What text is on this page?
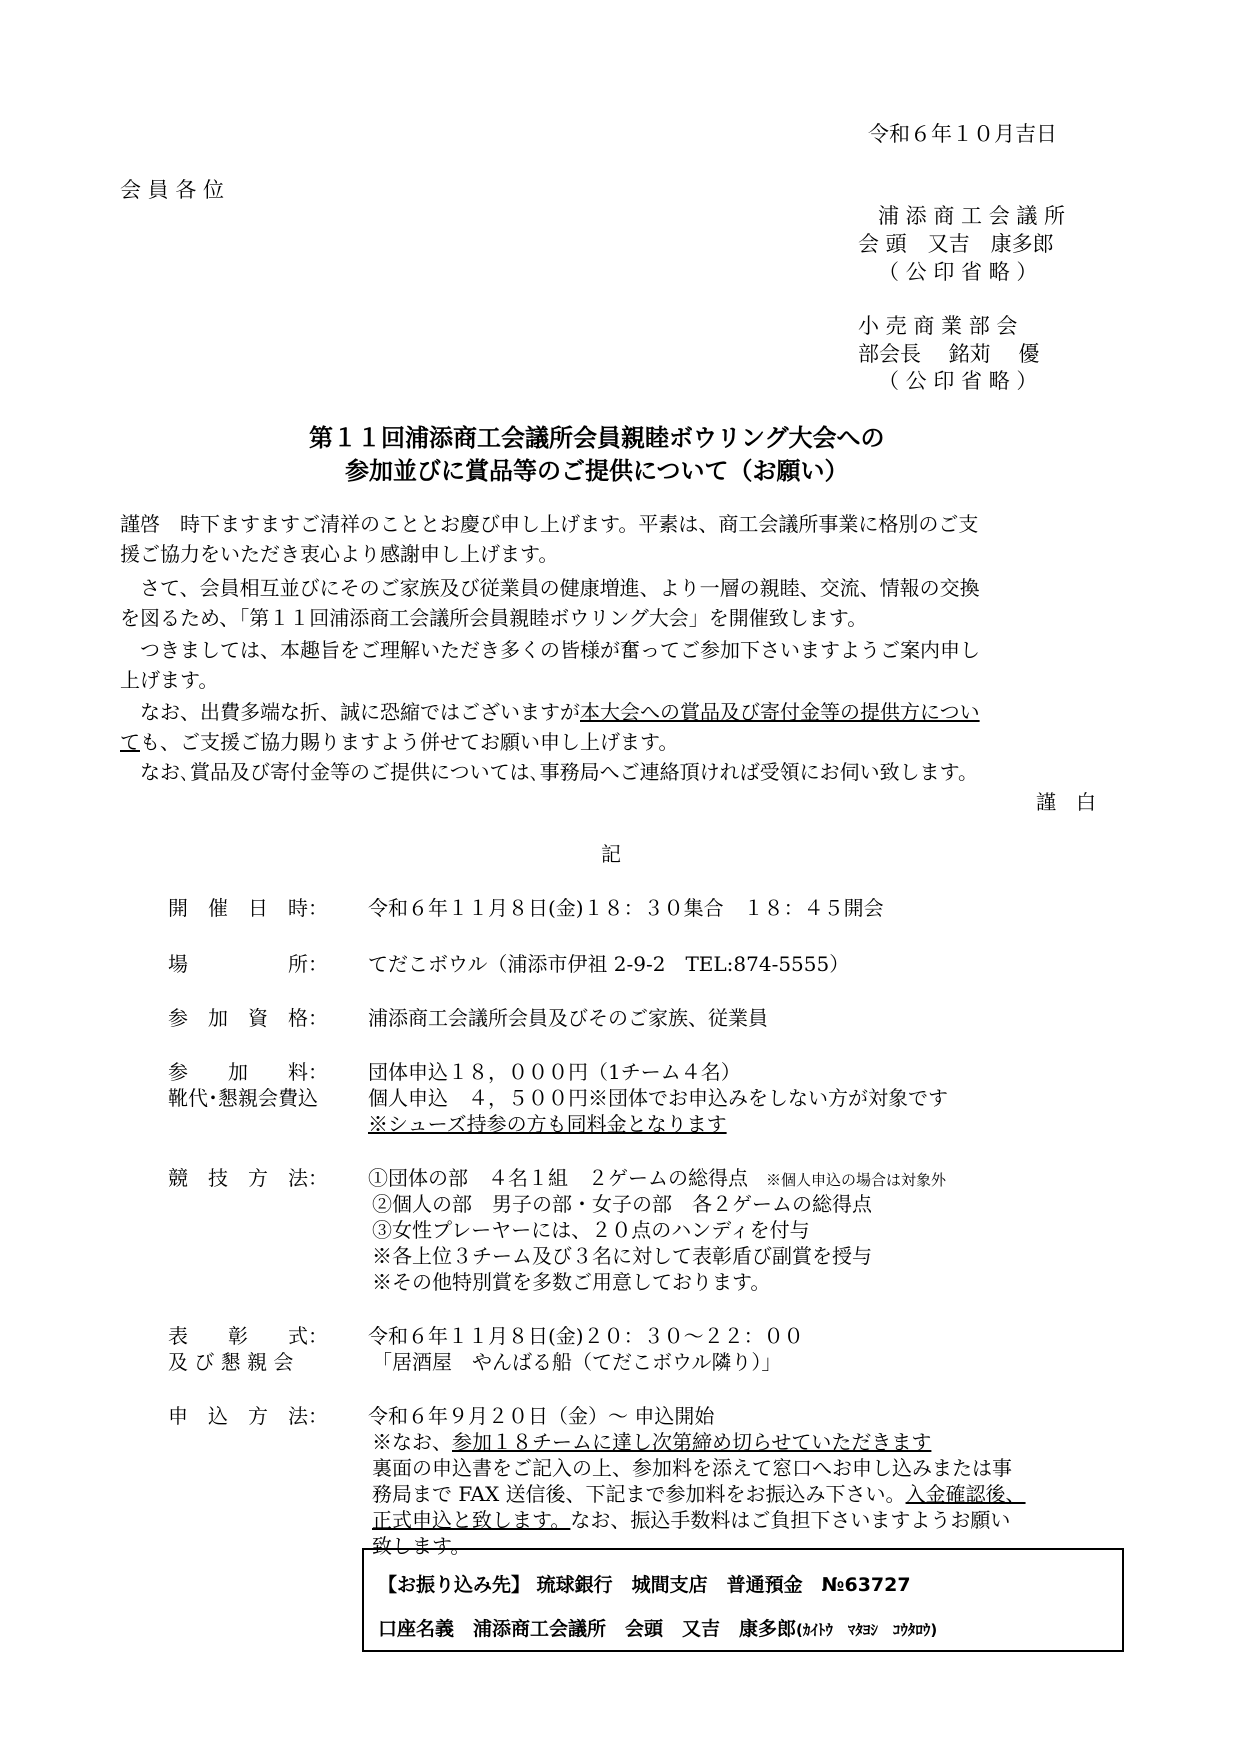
令和６年１０月吉日
会 員 各 位
浦 添 商 工 会 議 所
会 頭　又吉　康多郎
（ 公 印 省 略 ）
小 売 商 業 部 会
部会長　 銘苅　 優
（ 公 印 省 略 ）
第１１回浦添商工会議所会員親睦ボウリング大会への
参加並びに賞品等のご提供について（お願い）
謹啓　時下ますますご清祥のこととお慶び申し上げます。平素は、商工会議所事業に格別のご支
援ご協力をいただき衷心より感謝申し上げます。
　さて、会員相互並びにそのご家族及び従業員の健康増進、より一層の親睦、交流、情報の交換
を図るため、「第１１回浦添商工会議所会員親睦ボウリング大会」を開催致します。
　つきましては、本趣旨をご理解いただき多くの皆様が奮ってご参加下さいますようご案内申し
上げます。
　なお、出費多端な折、誠に恐縮ではございますが本大会への賞品及び寄付金等の提供方につい
ても、ご支援ご協力賜りますよう併せてお願い申し上げます。
　なお､賞品及び寄付金等のご提供については､事務局へご連絡頂ければ受領にお伺い致します。
謹　白
記
開　催　日　時： 令和６年１１月８日(金)１８：３０集合　１８：４５開会
場　　　　　所： てだこボウル（浦添市伊祖 2-9-2　TEL:874-5555）
参　加　資　格： 浦添商工会議所会員及びそのご家族、従業員
参　　加　　料： 団体申込１８，０００円（1チーム４名）
靴代･懇親会費込	個人申込　４，５００円※団体でお申込みをしない方が対象です
※シューズ持参の方も同料金となります
競　技　方　法： ①団体の部　４名１組　２ゲームの総得点 ※個人申込の場合は対象外
②個人の部　男子の部・女子の部　各２ゲームの総得点
③女性プレーヤーには、２０点のハンディを付与
※各上位３チーム及び３名に対して表彰盾び副賞を授与
※その他特別賞を多数ご用意しております。
表　　彰　　式： 令和６年１１月８日(金)２０：３０～２２：００
及 び 懇 親 会	「居酒屋　やんばる船（てだこボウル隣り）」
申　込　方　法： 令和６年９月２０日（金）～ 申込開始
※なお、参加１８チームに達し次第締め切らせていただきます
裏面の申込書をご記入の上、参加料を添えて窓口へお申し込みまたは事
務局まで FAX 送信後、下記まで参加料をお振込み下さい。入金確認後、
正式申込と致します。なお、振込手数料はご負担下さいますようお願い
致します。
【お振り込み先】 琉球銀行　城間支店　普通預金　№63727
口座名義　浦添商工会議所　会頭　又吉　康多郎(ｶｲﾄｳ　ﾏﾀﾖｼ　ｺｳﾀﾛｳ)
